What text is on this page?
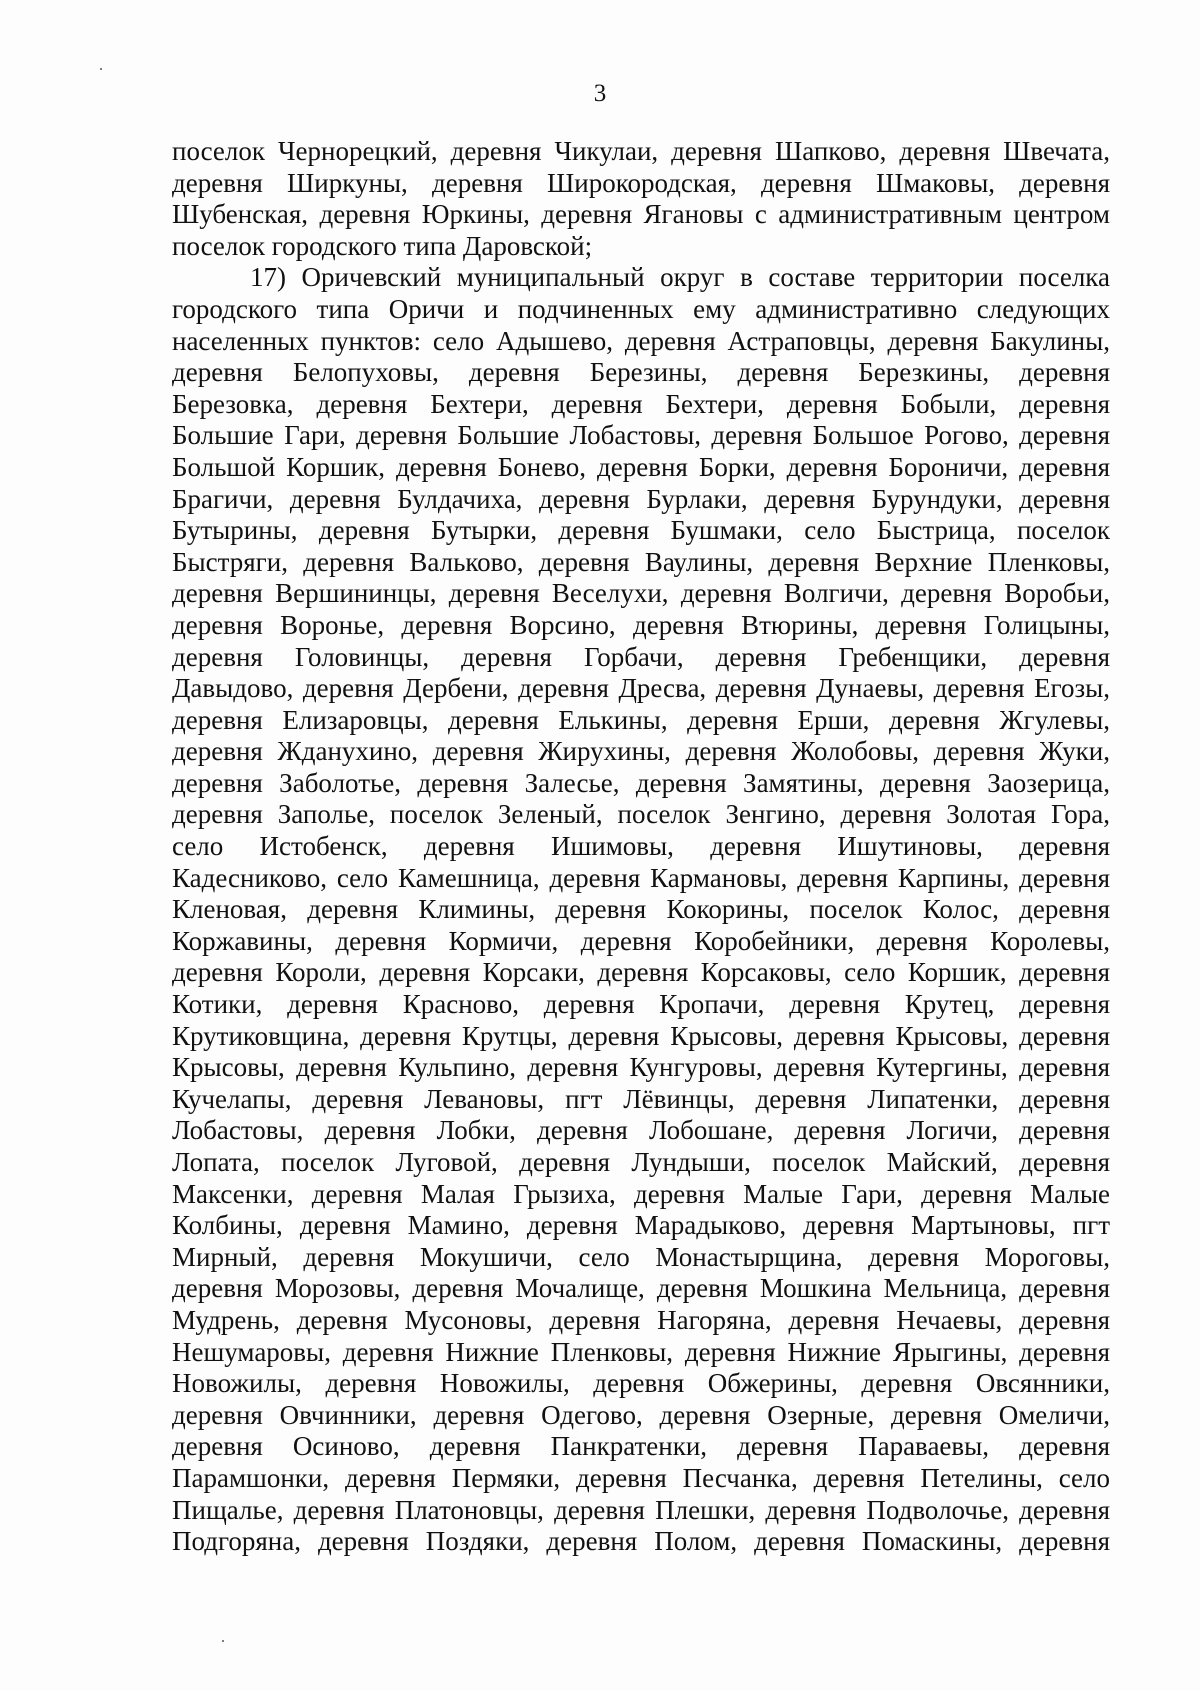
3
поселок Чернорецкий, деревня Чикулаи, деревня Шапково, деревня Швечата,
деревня Ширкуны, деревня Широкородская, деревня Шмаковы, деревня
Шубенская, деревня Юркины, деревня Ягановы с административным центром
поселок городского типа Даровской;
17) Оричевский муниципальный округ в составе территории поселка
городского типа Оричи и подчиненных ему административно следующих
населенных пунктов: село Адышево, деревня Астраповцы, деревня Бакулины,
деревня Белопуховы, деревня Березины, деревня Березкины, деревня
Березовка, деревня Бехтери, деревня Бехтери, деревня Бобыли, деревня
Большие Гари, деревня Большие Лобастовы, деревня Большое Рогово, деревня
Большой Коршик, деревня Бонево, деревня Борки, деревня Бороничи, деревня
Брагичи, деревня Булдачиха, деревня Бурлаки, деревня Бурундуки, деревня
Бутырины, деревня Бутырки, деревня Бушмаки, село Быстрица, поселок
Быстряги, деревня Вальково, деревня Ваулины, деревня Верхние Пленковы,
деревня Вершининцы, деревня Веселухи, деревня Волгичи, деревня Воробьи,
деревня Воронье, деревня Ворсино, деревня Втюрины, деревня Голицыны,
деревня Головинцы, деревня Горбачи, деревня Гребенщики, деревня
Давыдово, деревня Дербени, деревня Дресва, деревня Дунаевы, деревня Егозы,
деревня Елизаровцы, деревня Елькины, деревня Ерши, деревня Жгулевы,
деревня Жданухино, деревня Жирухины, деревня Жолобовы, деревня Жуки,
деревня Заболотье, деревня Залесье, деревня Замятины, деревня Заозерица,
деревня Заполье, поселок Зеленый, поселок Зенгино, деревня Золотая Гора,
село Истобенск, деревня Ишимовы, деревня Ишутиновы, деревня
Кадесниково, село Камешница, деревня Кармановы, деревня Карпины, деревня
Кленовая, деревня Климины, деревня Кокорины, поселок Колос, деревня
Коржавины, деревня Кормичи, деревня Коробейники, деревня Королевы,
деревня Короли, деревня Корсаки, деревня Корсаковы, село Коршик, деревня
Котики, деревня Красново, деревня Кропачи, деревня Крутец, деревня
Крутиковщина, деревня Крутцы, деревня Крысовы, деревня Крысовы, деревня
Крысовы, деревня Кульпино, деревня Кунгуровы, деревня Кутергины, деревня
Кучелапы, деревня Левановы, пгт Лёвинцы, деревня Липатенки, деревня
Лобастовы, деревня Лобки, деревня Лобошане, деревня Логичи, деревня
Лопата, поселок Луговой, деревня Лундыши, поселок Майский, деревня
Максенки, деревня Малая Грызиха, деревня Малые Гари, деревня Малые
Колбины, деревня Мамино, деревня Марадыково, деревня Мартыновы, пгт
Мирный, деревня Мокушичи, село Монастырщина, деревня Мороговы,
деревня Морозовы, деревня Мочалище, деревня Мошкина Мельница, деревня
Мудрень, деревня Мусоновы, деревня Нагоряна, деревня Нечаевы, деревня
Нешумаровы, деревня Нижние Пленковы, деревня Нижние Ярыгины, деревня
Новожилы, деревня Новожилы, деревня Обжерины, деревня Овсянники,
деревня Овчинники, деревня Одегово, деревня Озерные, деревня Омеличи,
деревня Осиново, деревня Панкратенки, деревня Параваевы, деревня
Парамшонки, деревня Пермяки, деревня Песчанка, деревня Петелины, село
Пищалье, деревня Платоновцы, деревня Плешки, деревня Подволочье, деревня
Подгоряна, деревня Поздяки, деревня Полом, деревня Помаскины, деревня
